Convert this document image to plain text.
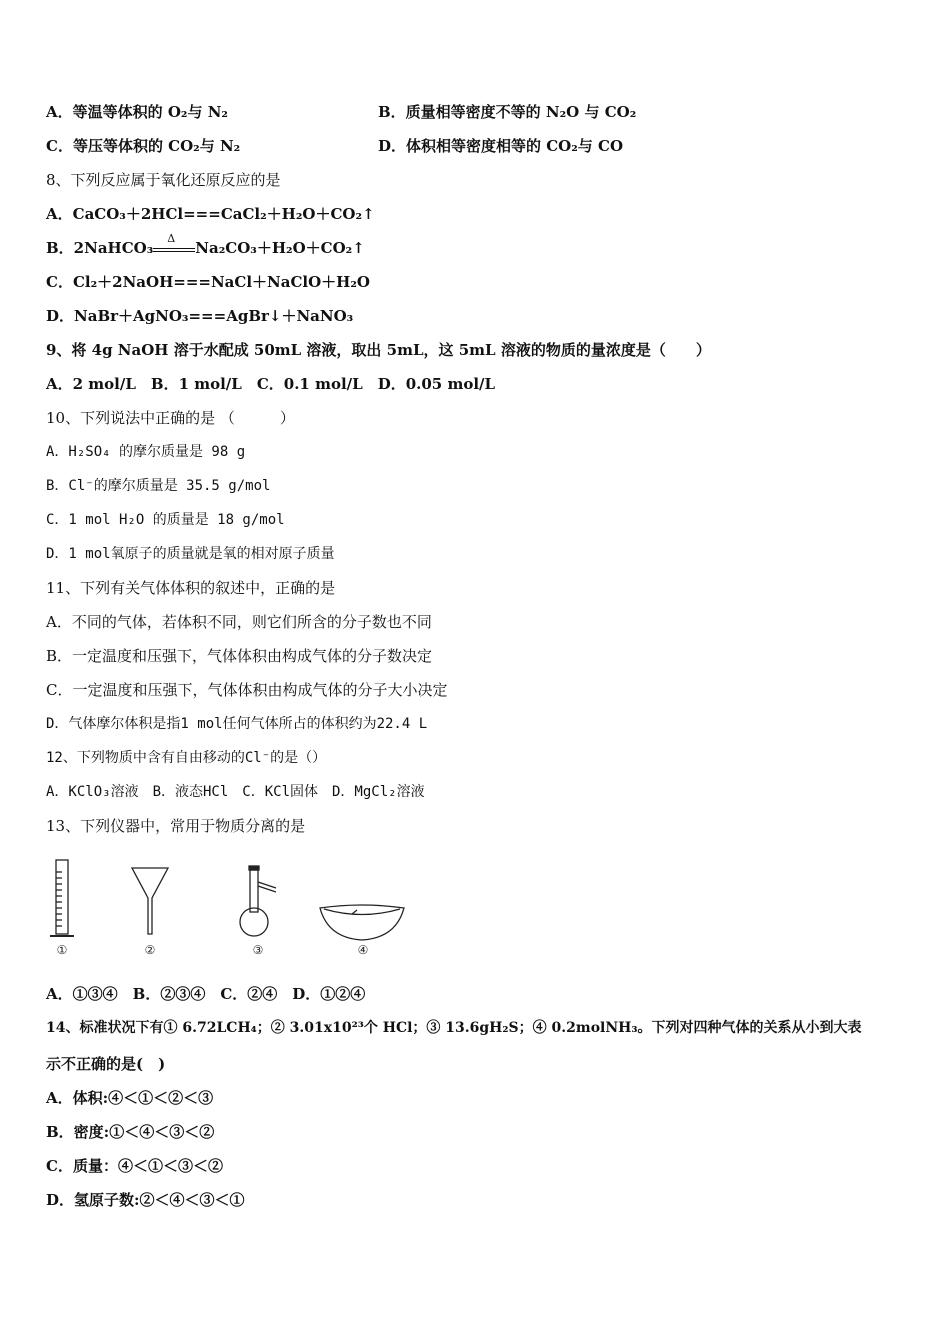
A．等温等体积的 O₂与 N₂	B．质量相等密度不等的 N₂O 与 CO₂
C．等压等体积的 CO₂与 N₂	D．体积相等密度相等的 CO₂与 CO
8、下列反应属于氧化还原反应的是
A．CaCO₃＋2HCl===CaCl₂＋H₂O＋CO₂↑
B．2NaHCO₃
Δ
Na₂CO₃＋H₂O＋CO₂↑
C．Cl₂＋2NaOH===NaCl＋NaClO＋H₂O
D．NaBr＋AgNO₃===AgBr↓＋NaNO₃
9、将 4g NaOH 溶于水配成 50mL 溶液，取出 5mL，这 5mL 溶液的物质的量浓度是（　　）
A．2 mol/L　B．1 mol/L　C．0.1 mol/L　D．0.05 mol/L
10、下列说法中正确的是 （　　　）
A．H₂SO₄ 的摩尔质量是 98 g
B．Cl⁻的摩尔质量是 35.5 g/mol
C．1 mol H₂O 的质量是 18 g/mol
D．1 mol氧原子的质量就是氧的相对原子质量
11、下列有关气体体积的叙述中，正确的是
A．不同的气体，若体积不同，则它们所含的分子数也不同
B．一定温度和压强下，气体体积由构成气体的分子数决定
C．一定温度和压强下，气体体积由构成气体的分子大小决定
D．气体摩尔体积是指1 mol任何气体所占的体积约为22.4 L
12、下列物质中含有自由移动的Cl⁻的是（）
A．KClO₃溶液　B．液态HCl　C．KCl固体　D．MgCl₂溶液
13、下列仪器中，常用于物质分离的是
①	②	③	④
A．①③④　B．②③④　C．②④　D．①②④
14、标准状况下有① 6.72LCH₄；② 3.01x10²³个 HCl；③ 13.6gH₂S；④ 0.2molNH₃。下列对四种气体的关系从小到大表
示不正确的是(　)
A．体积:④＜①＜②＜③
B．密度:①＜④＜③＜②
C．质量：④＜①＜③＜②
D．氢原子数:②＜④＜③＜①
